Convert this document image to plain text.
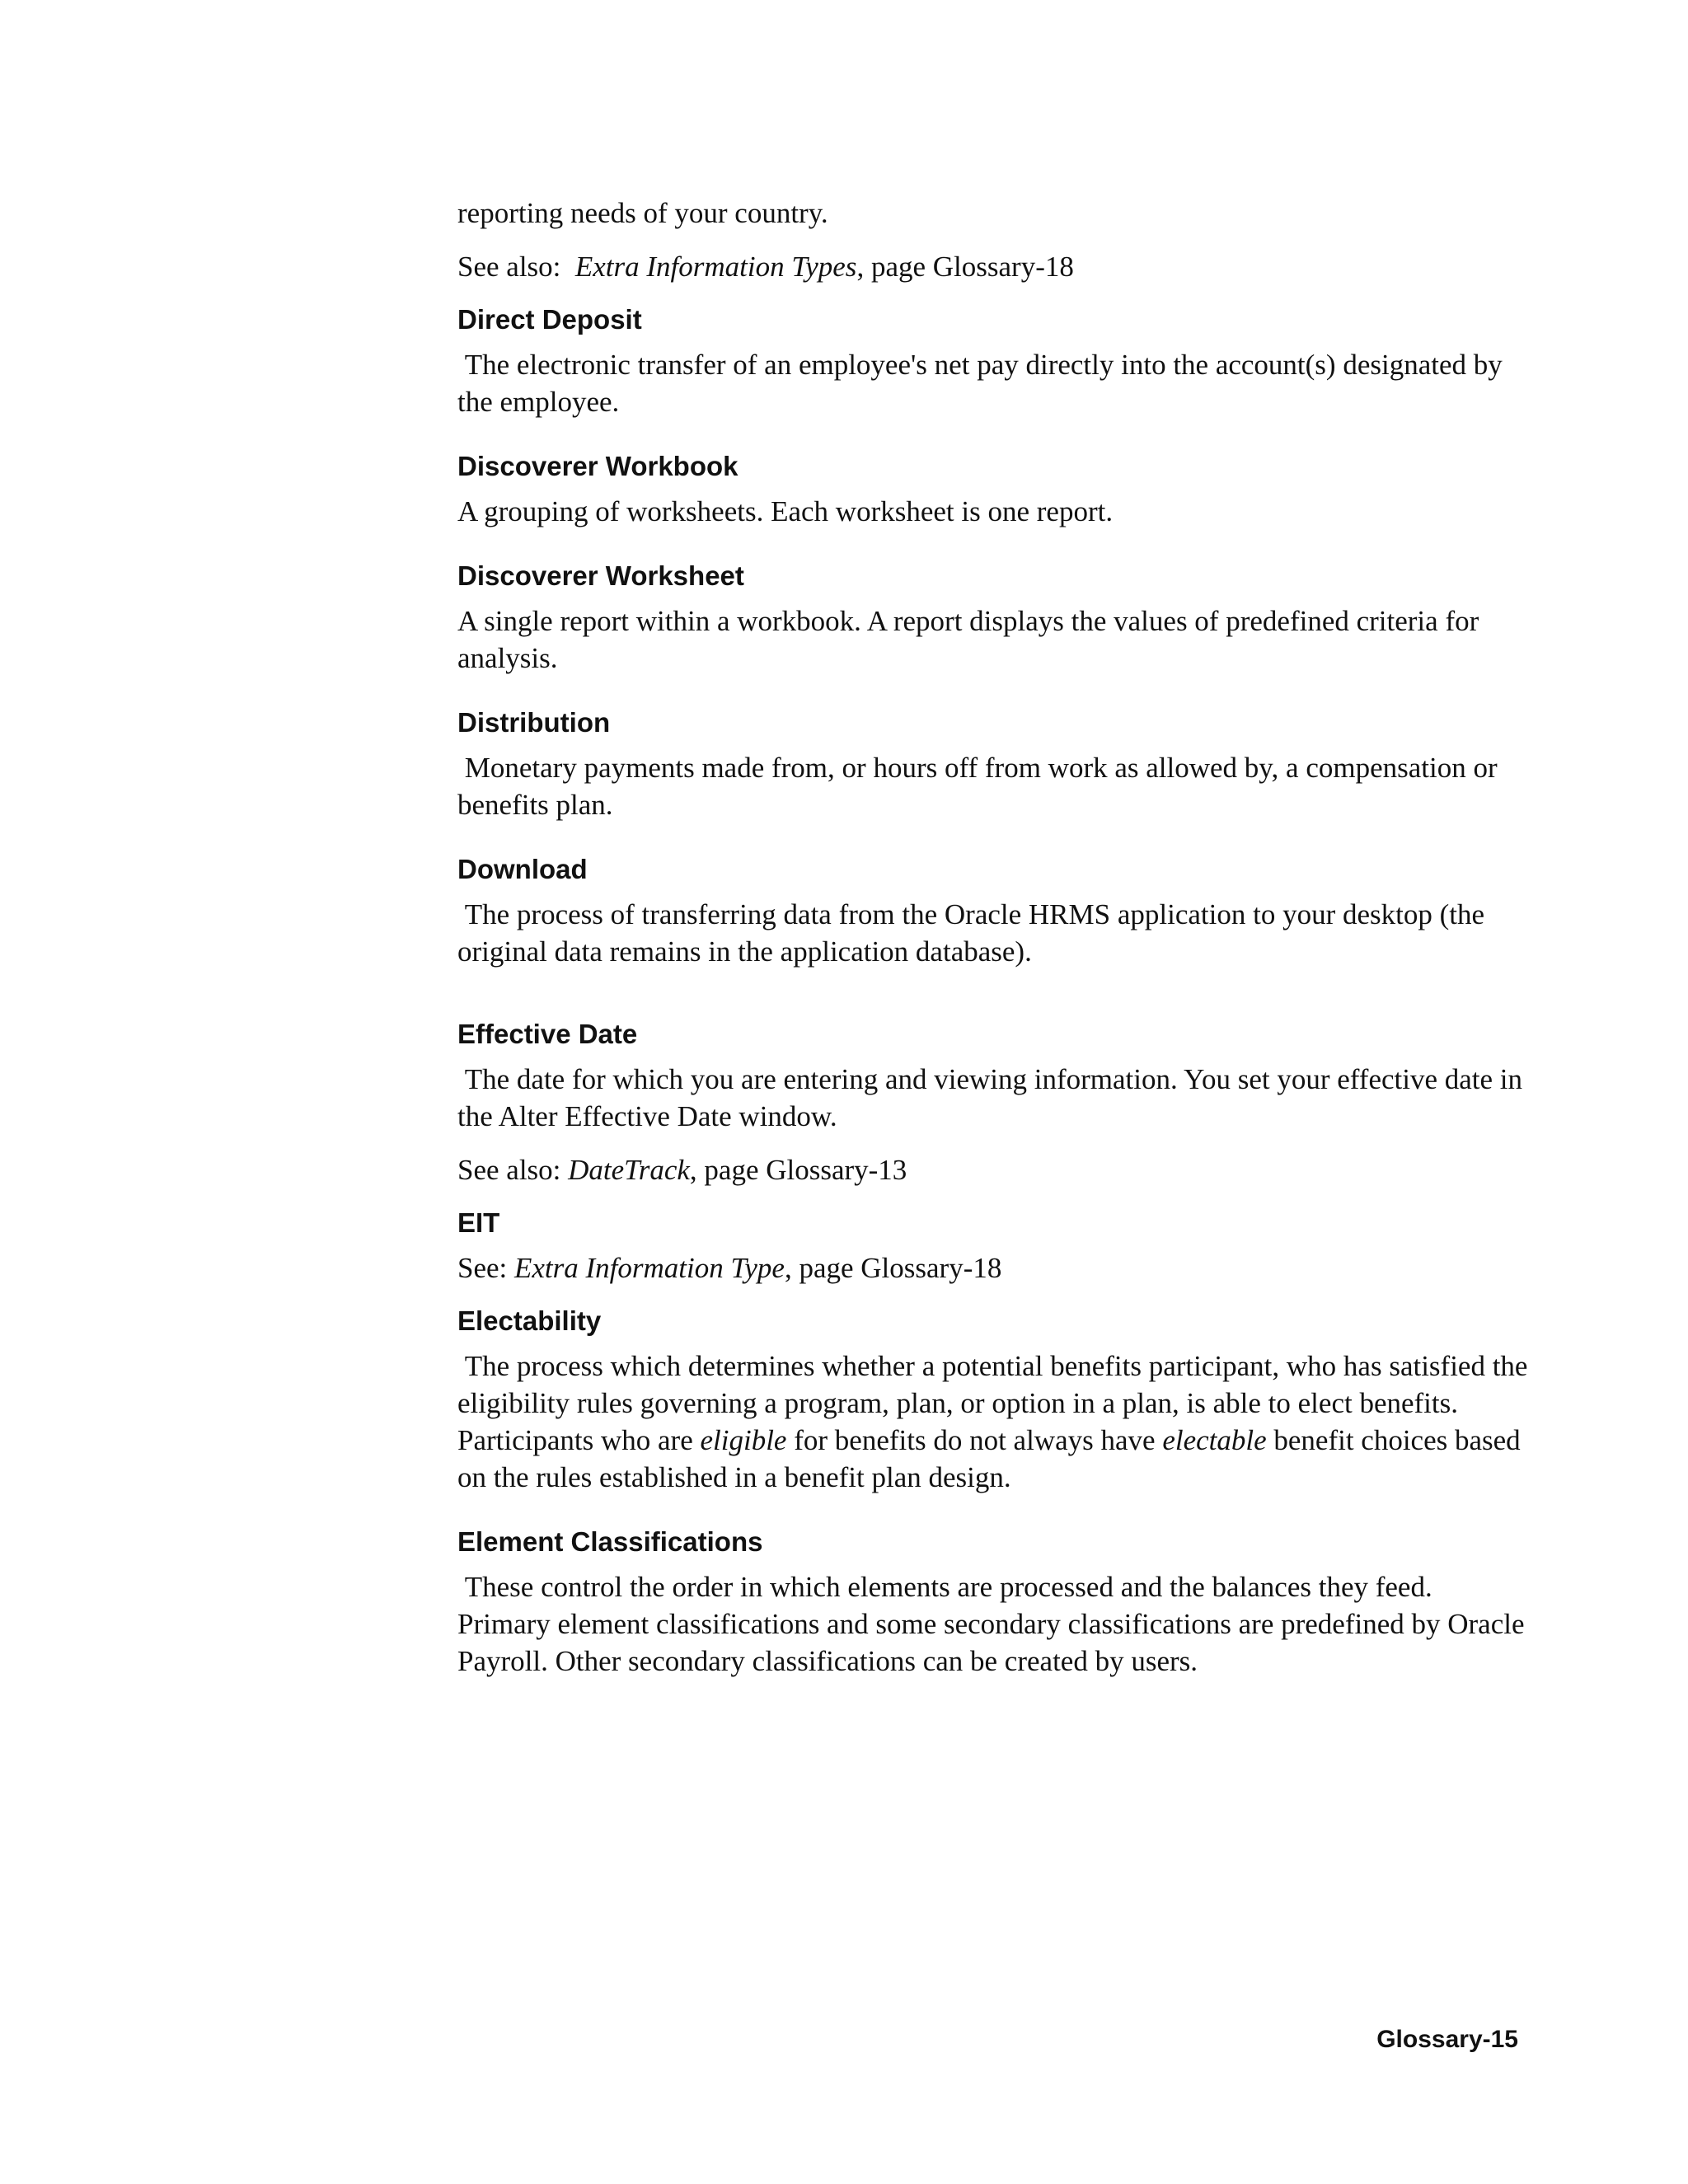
reporting needs of your country.

See also:  Extra Information Types, page Glossary-18

Direct Deposit

The electronic transfer of an employee's net pay directly into the account(s) designated by the employee.

Discoverer Workbook

A grouping of worksheets. Each worksheet is one report.

Discoverer Worksheet

A single report within a workbook. A report displays the values of predefined criteria for analysis.

Distribution

Monetary payments made from, or hours off from work as allowed by, a compensation or benefits plan.

Download

The process of transferring data from the Oracle HRMS application to your desktop (the original data remains in the application database).

Effective Date

The date for which you are entering and viewing information. You set your effective date in the Alter Effective Date window.

See also: DateTrack, page Glossary-13

EIT

See: Extra Information Type, page Glossary-18

Electability

The process which determines whether a potential benefits participant, who has satisfied the eligibility rules governing a program, plan, or option in a plan, is able to elect benefits. Participants who are eligible for benefits do not always have electable benefit choices based on the rules established in a benefit plan design.

Element Classifications

These control the order in which elements are processed and the balances they feed. Primary element classifications and some secondary classifications are predefined by Oracle Payroll. Other secondary classifications can be created by users.

Glossary-15
